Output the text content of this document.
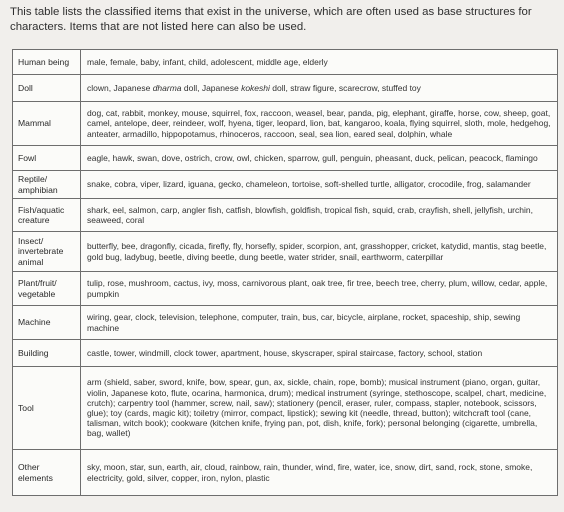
This table lists the classified items that exist in the universe, which are often used as base structures for characters. Items that are not listed here can also be used.
Human being	male, female, baby, infant, child, adolescent, middle age, elderly
Doll	clown, Japanese dharma doll, Japanese kokeshi doll, straw figure, scarecrow, stuffed toy
Mammal	dog, cat, rabbit, monkey, mouse, squirrel, fox, raccoon, weasel, bear, panda, pig, elephant, giraffe, horse, cow, sheep, goat, camel, antelope, deer, reindeer, wolf, hyena, tiger, leopard, lion, bat, kangaroo, koala, flying squirrel, sloth, mole, hedgehog, anteater, armadillo, hippopotamus, rhinoceros, raccoon, seal, sea lion, eared seal, dolphin, whale
Fowl	eagle, hawk, swan, dove, ostrich, crow, owl, chicken, sparrow, gull, penguin, pheasant, duck, pelican, peacock, flamingo
Reptile/ amphibian	snake, cobra, viper, lizard, iguana, gecko, chameleon, tortoise, soft-shelled turtle, alligator, crocodile, frog, salamander
Fish/aquatic creature	shark, eel, salmon, carp, angler fish, catfish, blowfish, goldfish, tropical fish, squid, crab, crayfish, shell, jellyfish, urchin, seaweed, coral
Insect/ invertebrate animal	butterfly, bee, dragonfly, cicada, firefly, fly, horsefly, spider, scorpion, ant, grasshopper, cricket, katydid, mantis, stag beetle, gold bug, ladybug, beetle, diving beetle, dung beetle, water strider, snail, earthworm, caterpillar
Plant/fruit/ vegetable	tulip, rose, mushroom, cactus, ivy, moss, carnivorous plant, oak tree, fir tree, beech tree, cherry, plum, willow, cedar, apple, pumpkin
Machine	wiring, gear, clock, television, telephone, computer, train, bus, car, bicycle, airplane, rocket, spaceship, ship, sewing machine
Building	castle, tower, windmill, clock tower, apartment, house, skyscraper, spiral staircase, factory, school, station
Tool	arm (shield, saber, sword, knife, bow, spear, gun, ax, sickle, chain, rope, bomb); musical instrument (piano, organ, guitar, violin, Japanese koto, flute, ocarina, harmonica, drum); medical instrument (syringe, stethoscope, scalpel, chart, medicine, crutch); carpentry tool (hammer, screw, nail, saw); stationery (pencil, eraser, ruler, compass, stapler, notebook, scissors, glue); toy (cards, magic kit); toiletry (mirror, compact, lipstick); sewing kit (needle, thread, button); witchcraft tool (cane, talisman, witch book); cookware (kitchen knife, frying pan, pot, dish, knife, fork); personal belonging (cigarette, umbrella, bag, wallet)
Other elements	sky, moon, star, sun, earth, air, cloud, rainbow, rain, thunder, wind, fire, water, ice, snow, dirt, sand, rock, stone, smoke, electricity, gold, silver, copper, iron, nylon, plastic
